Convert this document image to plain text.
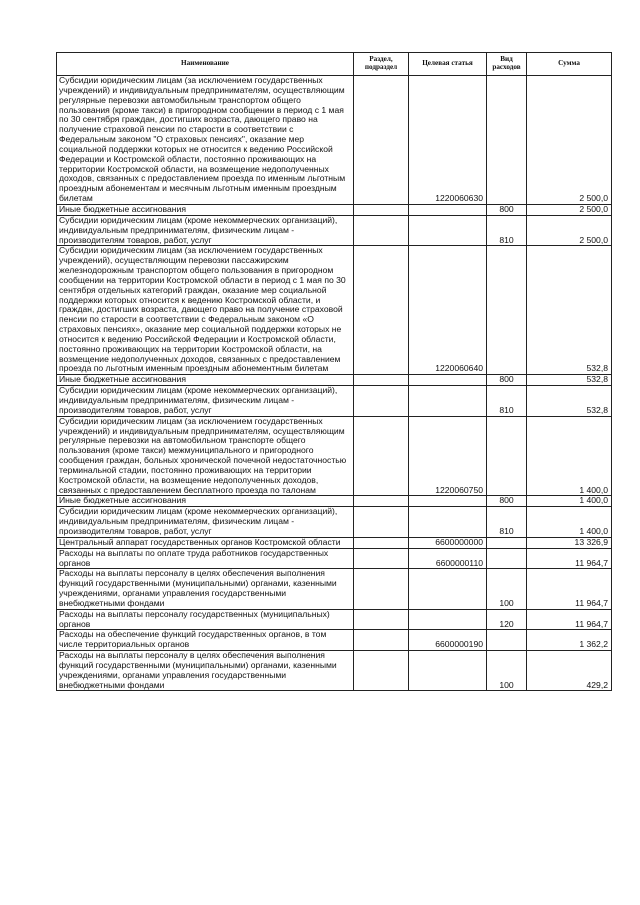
Наименование	Раздел, подраздел	Целевая статья	Вид расходов	Сумма
Субсидии юридическим лицам (за исключением государственных учреждений) и индивидуальным предпринимателям, осуществляющим регулярные перевозки автомобильным транспортом общего пользования (кроме такси) в пригородном сообщении в период с 1 мая по 30 сентября граждан, достигших возраста, дающего право на получение страховой пенсии по старости в соответствии с Федеральным законом "О страховых пенсиях", оказание мер социальной поддержки которых не относится к ведению Российской Федерации и Костромской области, постоянно проживающих на территории Костромской области, на возмещение недополученных доходов, связанных с предоставлением проезда по именным льготным проездным абонементам и месячным льготным именным проездным билетам		1220060630		2 500,0
Иные бюджетные ассигнования			800	2 500,0
Субсидии юридическим лицам (кроме некоммерческих организаций), индивидуальным предпринимателям, физическим лицам - производителям товаров, работ, услуг			810	2 500,0
Субсидии юридическим лицам (за исключением государственных учреждений), осуществляющим перевозки пассажирским железнодорожным транспортом общего пользования в пригородном сообщении на территории Костромской области в период с 1 мая по 30 сентября отдельных категорий граждан, оказание мер социальной поддержки которых относится к ведению Костромской области, и граждан, достигших возраста, дающего право на получение страховой пенсии по старости в соответствии с Федеральным законом «О страховых пенсиях», оказание мер социальной поддержки которых не относится к ведению Российской Федерации и Костромской области, постоянно проживающих на территории Костромской области, на возмещение недополученных доходов, связанных с предоставлением проезда по льготным именным проездным абонементным билетам		1220060640		532,8
Иные бюджетные ассигнования			800	532,8
Субсидии юридическим лицам (кроме некоммерческих организаций), индивидуальным предпринимателям, физическим лицам - производителям товаров, работ, услуг			810	532,8
Субсидии юридическим лицам (за исключением государственных учреждений) и индивидуальным предпринимателям, осуществляющим регулярные перевозки на автомобильном транспорте общего пользования (кроме такси) межмуниципального и пригородного сообщения граждан, больных хронической почечной недостаточностью терминальной стадии, постоянно проживающих на территории Костромской области, на возмещение недополученных доходов, связанных с предоставлением бесплатного проезда по талонам		1220060750		1 400,0
Иные бюджетные ассигнования			800	1 400,0
Субсидии юридическим лицам (кроме некоммерческих организаций), индивидуальным предпринимателям, физическим лицам - производителям товаров, работ, услуг			810	1 400,0
Центральный аппарат государственных органов Костромской области		6600000000		13 326,9
Расходы на выплаты по оплате труда работников государственных органов		6600000110		11 964,7
Расходы на выплаты персоналу в целях обеспечения выполнения функций государственными (муниципальными) органами, казенными учреждениями, органами управления государственными внебюджетными фондами			100	11 964,7
Расходы на выплаты персоналу государственных (муниципальных) органов			120	11 964,7
Расходы на обеспечение функций государственных органов, в том числе территориальных органов		6600000190		1 362,2
Расходы на выплаты персоналу в целях обеспечения выполнения функций государственными (муниципальными) органами, казенными учреждениями, органами управления государственными внебюджетными фондами			100	429,2
